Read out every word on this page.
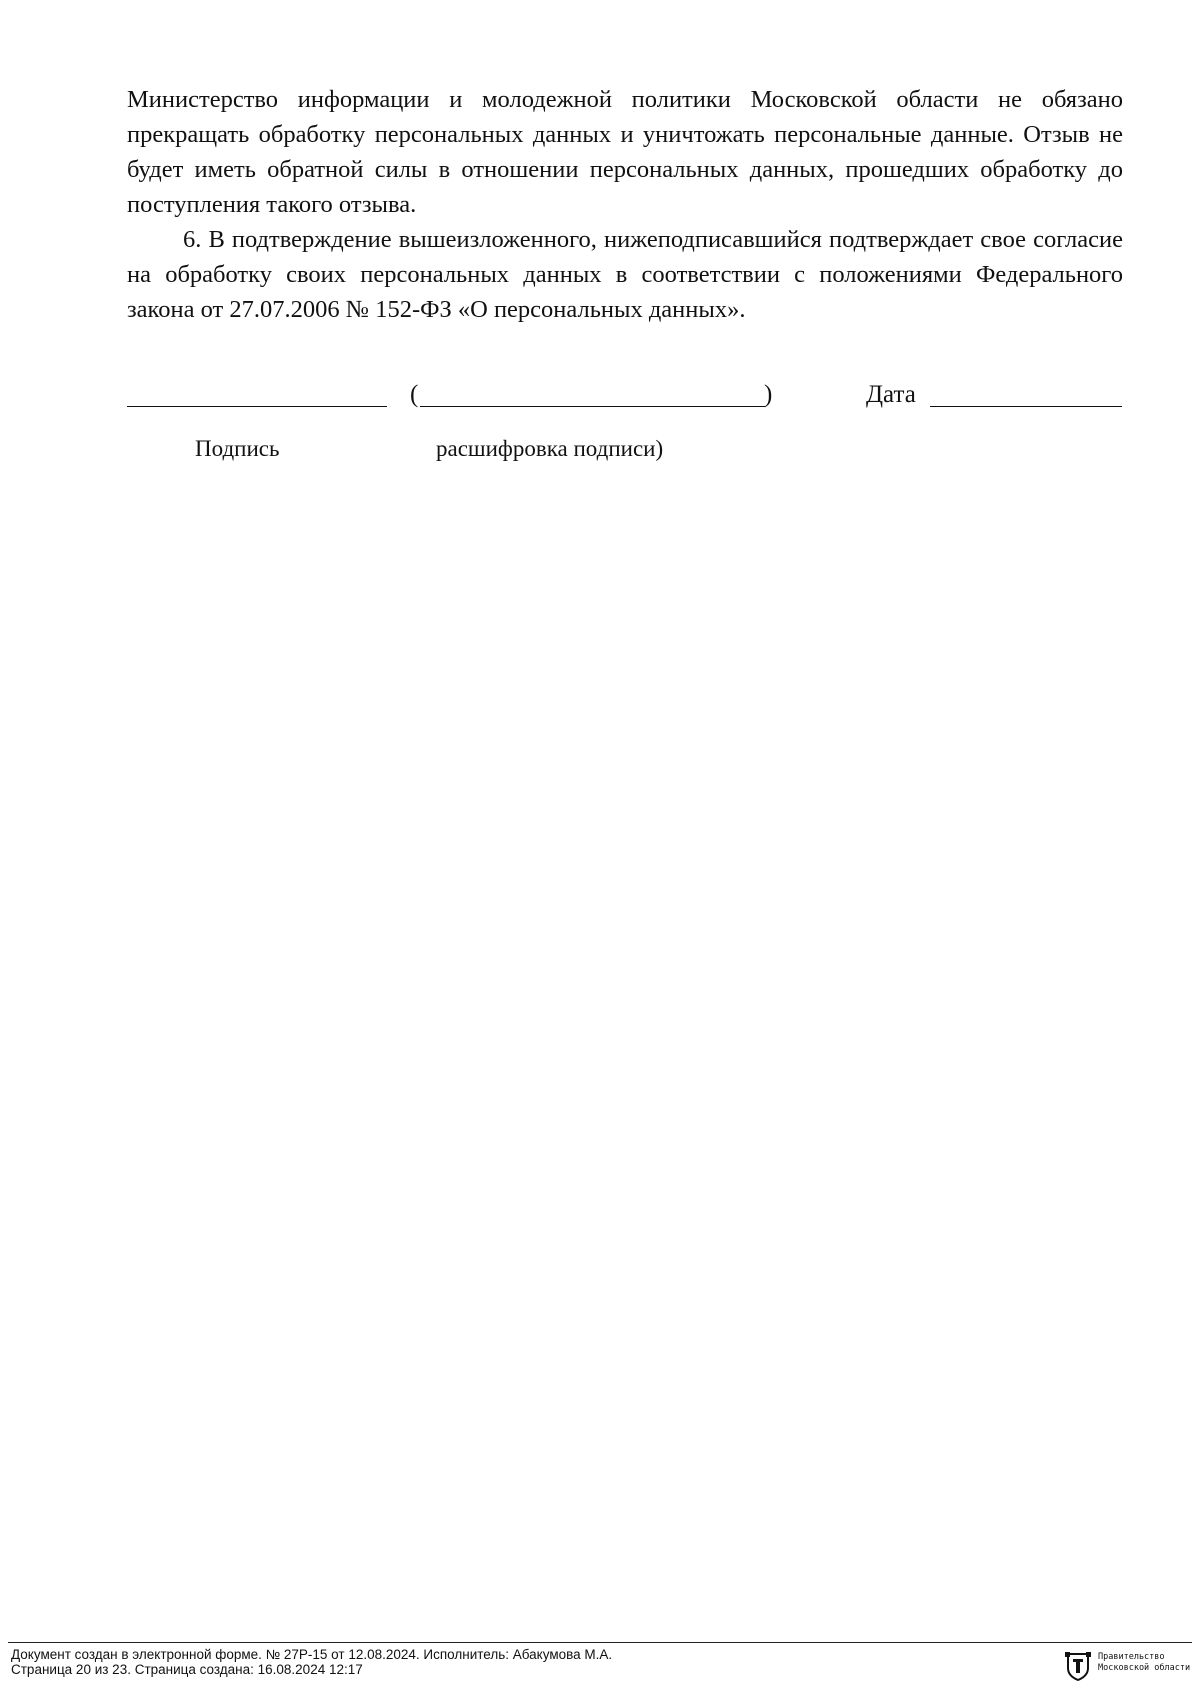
Министерство информации и молодежной политики Московской области не обязано прекращать обработку персональных данных и уничтожать персональные данные. Отзыв не будет иметь обратной силы в отношении персональных данных, прошедших обработку до поступления такого отзыва.

6. В подтверждение вышеизложенного, нижеподписавшийся подтверждает свое согласие на обработку своих персональных данных в соответствии с положениями Федерального закона от 27.07.2006 № 152-ФЗ «О персональных данных».

(	)	Дата
Подпись	расшифровка подписи)
Документ создан в электронной форме. № 27Р-15 от 12.08.2024. Исполнитель: Абакумова М.А.
Страница 20 из 23. Страница создана: 16.08.2024 12:17
Правительство
Московской области
